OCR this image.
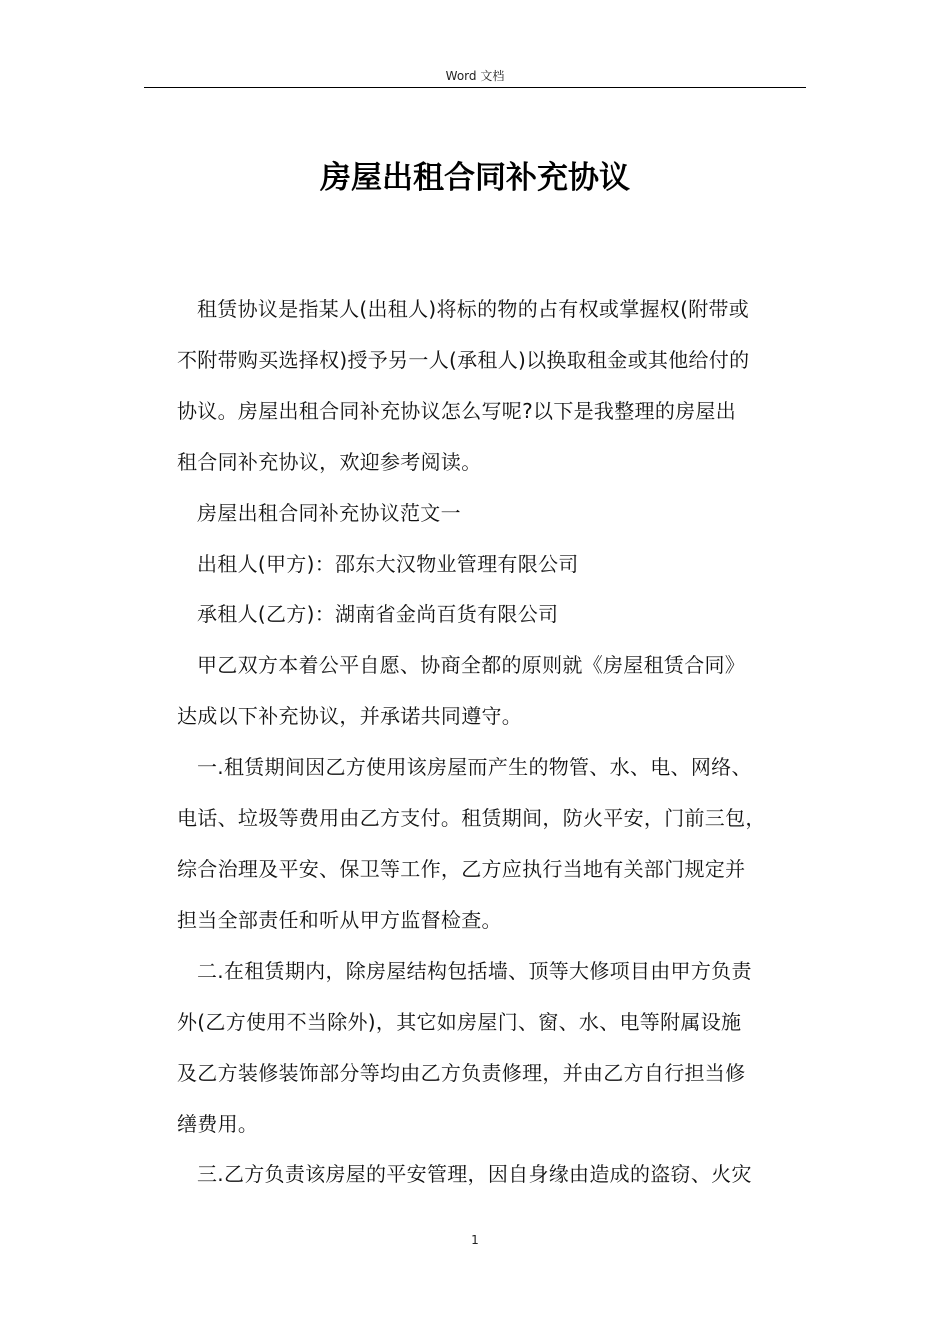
Word 文档
房屋出租合同补充协议

租赁协议是指某人(出租人)将标的物的占有权或掌握权(附带或
不附带购买选择权)授予另一人(承租人)以换取租金或其他给付的
协议。房屋出租合同补充协议怎么写呢?以下是我整理的房屋出
租合同补充协议，欢迎参考阅读。
房屋出租合同补充协议范文一
出租人(甲方)：邵东大汉物业管理有限公司
承租人(乙方)：湖南省金尚百货有限公司
甲乙双方本着公平自愿、协商全都的原则就《房屋租赁合同》
达成以下补充协议，并承诺共同遵守。
一.租赁期间因乙方使用该房屋而产生的物管、水、电、网络、
电话、垃圾等费用由乙方支付。租赁期间，防火平安，门前三包，
综合治理及平安、保卫等工作，乙方应执行当地有关部门规定并
担当全部责任和听从甲方监督检查。
二.在租赁期内，除房屋结构包括墙、顶等大修项目由甲方负责
外(乙方使用不当除外)，其它如房屋门、窗、水、电等附属设施
及乙方装修装饰部分等均由乙方负责修理，并由乙方自行担当修
缮费用。
三.乙方负责该房屋的平安管理，因自身缘由造成的盗窃、火灾

1
